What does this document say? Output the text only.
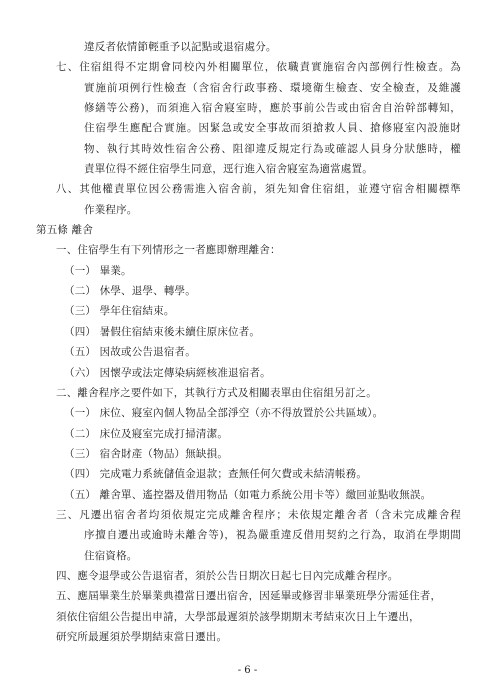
違反者依情節輕重予以記點或退宿處分。
七、住宿組得不定期會同校內外相關單位，依職責實施宿舍內部例行性檢查。為
實施前項例行性檢查（含宿舍行政事務、環境衛生檢查、安全檢查，及維護
修繕等公務)，而須進入宿舍寢室時，應於事前公告或由宿舍自治幹部轉知，
住宿學生應配合實施。因緊急或安全事故而須搶救人員、搶修寢室內設施財
物、執行其時效性宿舍公務、阻卻違反規定行為或確認人員身分狀態時，權
責單位得不經住宿學生同意，逕行進入宿舍寢室為適當處置。
八、其他權責單位因公務需進入宿舍前，須先知會住宿組，並遵守宿舍相關標準
作業程序。
第五條 離舍
一、住宿學生有下列情形之一者應即辦理離舍：
（一） 畢業。
（二） 休學、退學、轉學。
（三） 學年住宿結束。
（四） 暑假住宿結束後未續住原床位者。
（五） 因故或公告退宿者。
（六） 因懷孕或法定傳染病經核准退宿者。
二、離舍程序之要件如下，其執行方式及相關表單由住宿組另訂之。
（一） 床位、寢室內個人物品全部淨空（亦不得放置於公共區域）。
（二） 床位及寢室完成打掃清潔。
（三） 宿舍財產（物品）無缺損。
（四） 完成電力系統儲值金退款；查無任何欠費或未結清帳務。
（五） 離舍單、遙控器及借用物品（如電力系統公用卡等）繳回並點收無誤。
三、凡遷出宿舍者均須依規定完成離舍程序；未依規定離舍者（含未完成離舍程
序擅自遷出或逾時未離舍等)，視為嚴重違反借用契約之行為，取消在學期間
住宿資格。
四、應令退學或公告退宿者，須於公告日期次日起七日內完成離舍程序。
五、應屆畢業生於畢業典禮當日遷出宿舍，因延畢或修習非畢業班學分需延住者，
須依住宿組公告提出申請，大學部最遲須於該學期期末考結束次日上午遷出，
研究所最遲須於學期結束當日遷出。
- 6 -
